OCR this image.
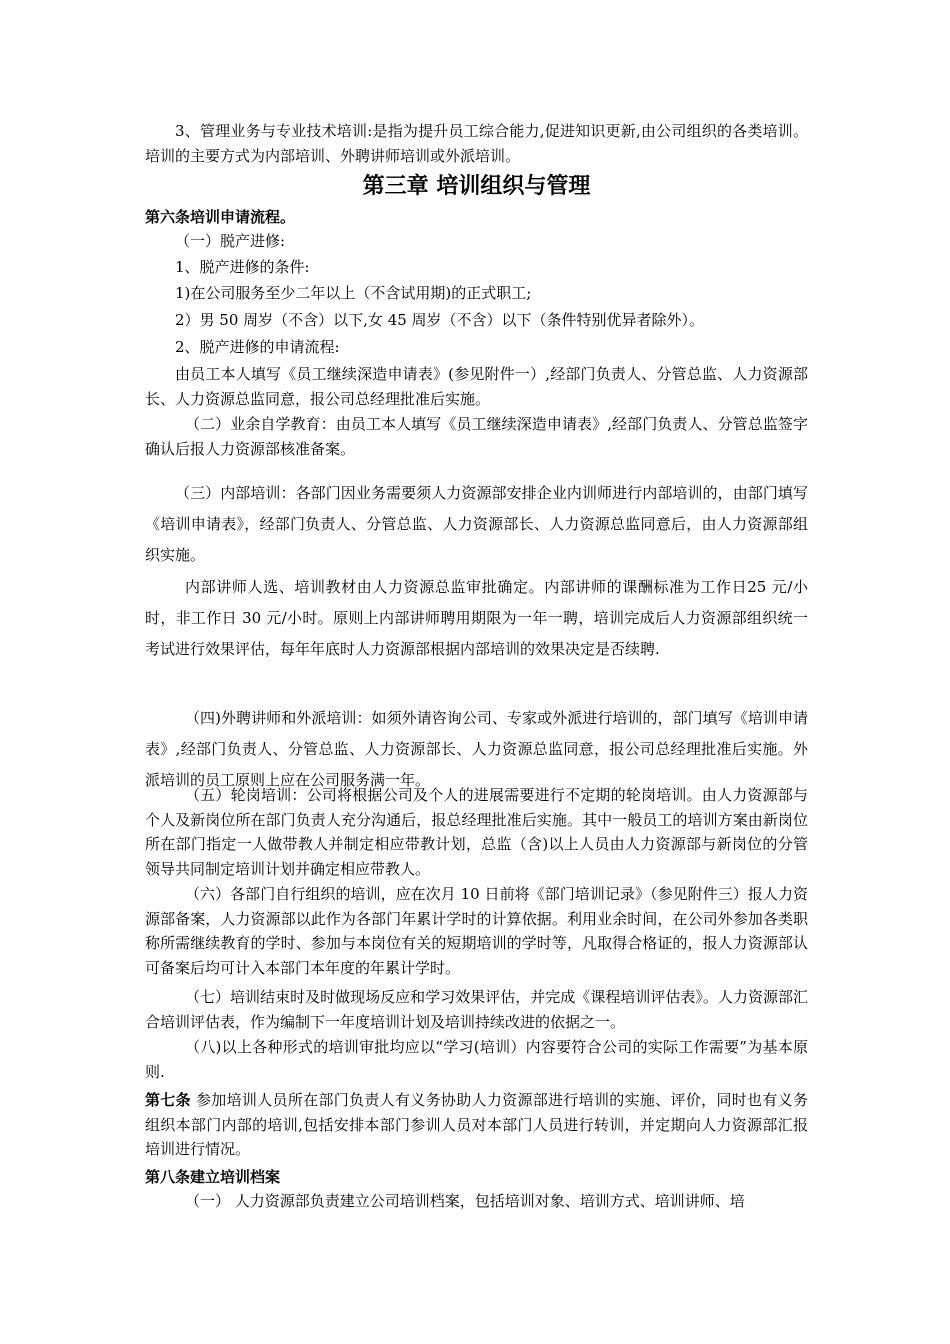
3、管理业务与专业技术培训:是指为提升员工综合能力,促进知识更新,由公司组织的各类培训。培训的主要方式为内部培训、外聘讲师培训或外派培训。

第三章 培训组织与管理

第六条培训申请流程。

（一）脱产进修:

1、脱产进修的条件:

1)在公司服务至少二年以上（不含试用期)的正式职工;

2）男 50 周岁（不含）以下,女 45 周岁（不含）以下（条件特别优异者除外）。

2、脱产进修的申请流程:

由员工本人填写《员工继续深造申请表》(参见附件一）,经部门负责人、分管总监、人力资源部长、人力资源总监同意，报公司总经理批准后实施。

（二）业余自学教育：由员工本人填写《员工继续深造申请表》,经部门负责人、分管总监签字确认后报人力资源部核准备案。

（三）内部培训：各部门因业务需要须人力资源部安排企业内训师进行内部培训的，由部门填写《培训申请表》，经部门负责人、分管总监、人力资源部长、人力资源总监同意后，由人力资源部组织实施。

内部讲师人选、培训教材由人力资源总监审批确定。内部讲师的课酬标准为工作日25 元/小时，非工作日 30 元/小时。原则上内部讲师聘用期限为一年一聘，培训完成后人力资源部组织统一考试进行效果评估，每年年底时人力资源部根据内部培训的效果决定是否续聘.

（四)外聘讲师和外派培训：如须外请咨询公司、专家或外派进行培训的，部门填写《培训申请表》,经部门负责人、分管总监、人力资源部长、人力资源总监同意，报公司总经理批准后实施。外派培训的员工原则上应在公司服务满一年。

（五）轮岗培训：公司将根据公司及个人的进展需要进行不定期的轮岗培训。由人力资源部与个人及新岗位所在部门负责人充分沟通后，报总经理批准后实施。其中一般员工的培训方案由新岗位所在部门指定一人做带教人并制定相应带教计划，总监（含)以上人员由人力资源部与新岗位的分管领导共同制定培训计划并确定相应带教人。

（六）各部门自行组织的培训，应在次月 10 日前将《部门培训记录》（参见附件三）报人力资源部备案，人力资源部以此作为各部门年累计学时的计算依据。利用业余时间，在公司外参加各类职称所需继续教育的学时、参加与本岗位有关的短期培训的学时等，凡取得合格证的，报人力资源部认可备案后均可计入本部门本年度的年累计学时。

（七）培训结束时及时做现场反应和学习效果评估，并完成《课程培训评估表》。人力资源部汇合培训评估表，作为编制下一年度培训计划及培训持续改进的依据之一。

（八)以上各种形式的培训审批均应以“学习(培训）内容要符合公司的实际工作需要”为基本原则.

第七条 参加培训人员所在部门负责人有义务协助人力资源部进行培训的实施、评价，同时也有义务组织本部门内部的培训,包括安排本部门参训人员对本部门人员进行转训，并定期向人力资源部汇报培训进行情况。

第八条建立培训档案

（一） 人力资源部负责建立公司培训档案，包括培训对象、培训方式、培训讲师、培
